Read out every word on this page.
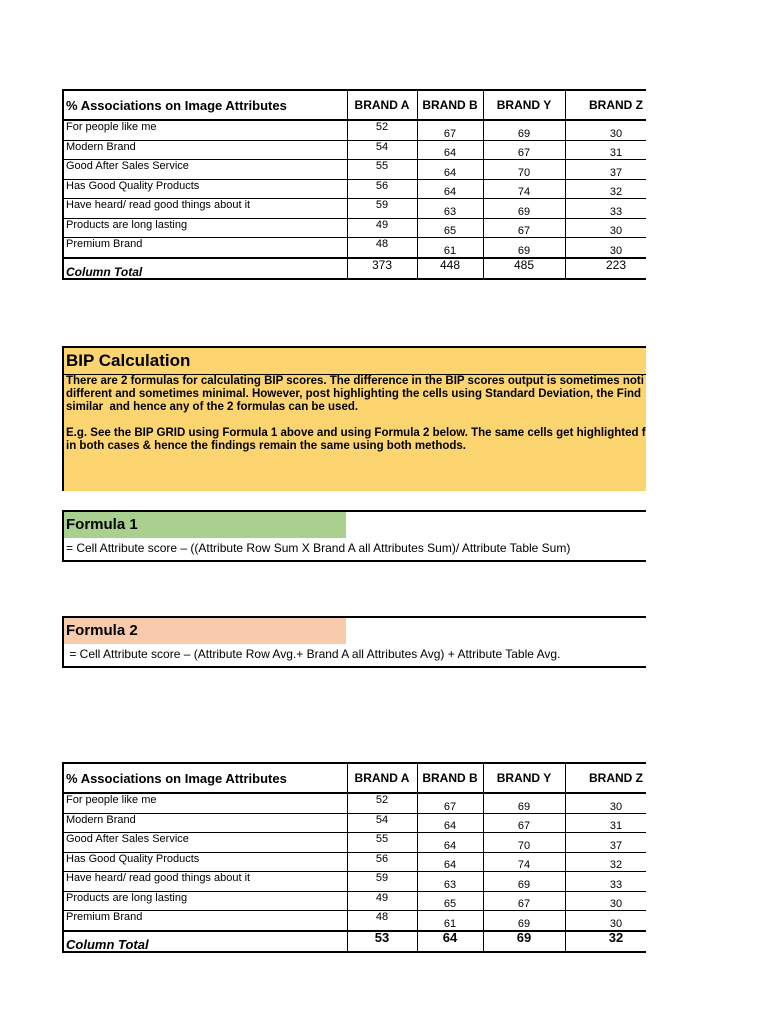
% Associations on Image Attributes	BRAND A	BRAND B	BRAND Y	BRAND Z
For people like me	52	67	69	30
Modern Brand	54	64	67	31
Good After Sales Service	55	64	70	37
Has Good Quality Products	56	64	74	32
Have heard/ read good things about it	59	63	69	33
Products are long lasting	49	65	67	30
Premium Brand	48	61	69	30
Column Total	373	448	485	223
BIP Calculation
There are 2 formulas for calculating BIP scores. The difference in the BIP scores output is sometimes noti
different and sometimes minimal. However, post highlighting the cells using Standard Deviation, the Find
similar  and hence any of the 2 formulas can be used.
E.g. See the BIP GRID using Formula 1 above and using Formula 2 below. The same cells get highlighted f
in both cases & hence the findings remain the same using both methods.
Formula 1
= Cell Attribute score – ((Attribute Row Sum X Brand A all Attributes Sum)/ Attribute Table Sum)
Formula 2
= Cell Attribute score – (Attribute Row Avg.+ Brand A all Attributes Avg) + Attribute Table Avg.
% Associations on Image Attributes	BRAND A	BRAND B	BRAND Y	BRAND Z
For people like me	52	67	69	30
Modern Brand	54	64	67	31
Good After Sales Service	55	64	70	37
Has Good Quality Products	56	64	74	32
Have heard/ read good things about it	59	63	69	33
Products are long lasting	49	65	67	30
Premium Brand	48	61	69	30
Column Total	53	64	69	32
